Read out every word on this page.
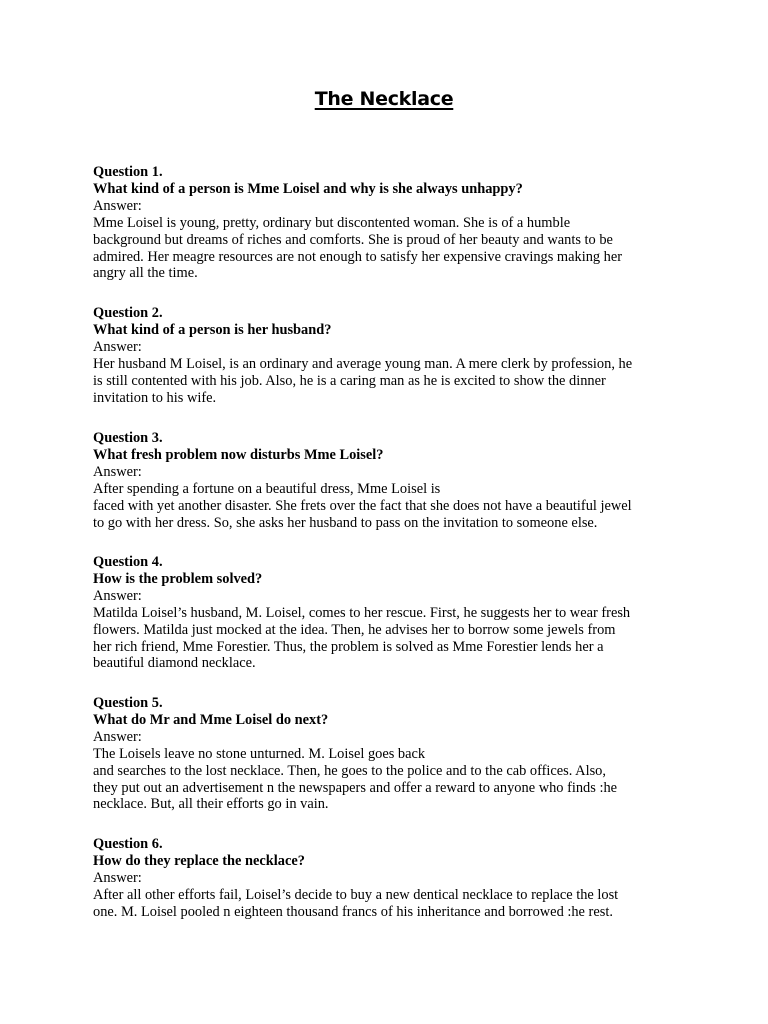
The Necklace
Question 1.
What kind of a person is Mme Loisel and why is she always unhappy?
Answer:
Mme Loisel is young, pretty, ordinary but discontented woman. She is of a humble
background but dreams of riches and comforts. She is proud of her beauty and wants to be
admired. Her meagre resources are not enough to satisfy her expensive cravings making her
angry all the time.
Question 2.
What kind of a person is her husband?
Answer:
Her husband M Loisel, is an ordinary and average young man. A mere clerk by profession, he
is still contented with his job. Also, he is a caring man as he is excited to show the dinner
invitation to his wife.
Question 3.
What fresh problem now disturbs Mme Loisel?
Answer:
After spending a fortune on a beautiful dress, Mme Loisel is
faced with yet another disaster. She frets over the fact that she does not have a beautiful jewel
to go with her dress. So, she asks her husband to pass on the invitation to someone else.
Question 4.
How is the problem solved?
Answer:
Matilda Loisel’s husband, M. Loisel, comes to her rescue. First, he suggests her to wear fresh
flowers. Matilda just mocked at the idea. Then, he advises her to borrow some jewels from
her rich friend, Mme Forestier. Thus, the problem is solved as Mme Forestier lends her a
beautiful diamond necklace.
Question 5.
What do Mr and Mme Loisel do next?
Answer:
The Loisels leave no stone unturned. M. Loisel goes back
and searches to the lost necklace. Then, he goes to the police and to the cab offices. Also,
they put out an advertisement n the newspapers and offer a reward to anyone who finds :he
necklace. But, all their efforts go in vain.
Question 6.
How do they replace the necklace?
Answer:
After all other efforts fail, Loisel’s decide to buy a new dentical necklace to replace the lost
one. M. Loisel pooled n eighteen thousand francs of his inheritance and borrowed :he rest.
